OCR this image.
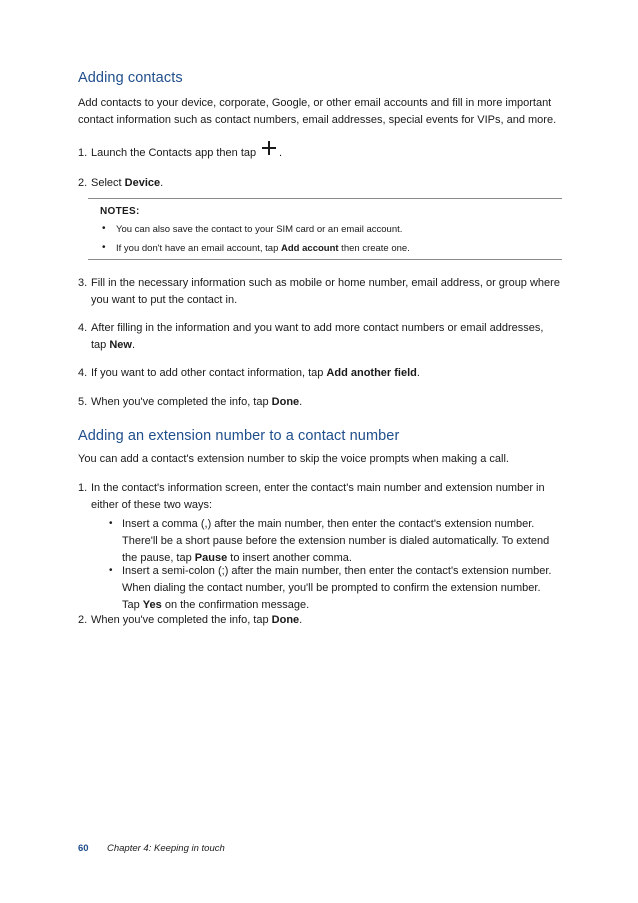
Adding contacts
Add contacts to your device, corporate, Google, or other email accounts and fill in more important
contact information such as contact numbers, email addresses, special events for VIPs, and more.
1. Launch the Contacts app then tap .
2. Select Device.
NOTES:
• You can also save the contact to your SIM card or an email account.
• If you don't have an email account, tap Add account then create one.
3. Fill in the necessary information such as mobile or home number, email address, or group where
you want to put the contact in.
4. After filling in the information and you want to add more contact numbers or email addresses,
tap New.
4. If you want to add other contact information, tap Add another field.
5. When you've completed the info, tap Done.
Adding an extension number to a contact number
You can add a contact's extension number to skip the voice prompts when making a call.
1. In the contact's information screen, enter the contact's main number and extension number in
either of these two ways:
• Insert a comma (,) after the main number, then enter the contact's extension number.
There'll be a short pause before the extension number is dialed automatically. To extend
the pause, tap Pause to insert another comma.
• Insert a semi-colon (;) after the main number, then enter the contact's extension number.
When dialing the contact number, you'll be prompted to confirm the extension number.
Tap Yes on the confirmation message.
2. When you've completed the info, tap Done.
60 Chapter 4: Keeping in touch
